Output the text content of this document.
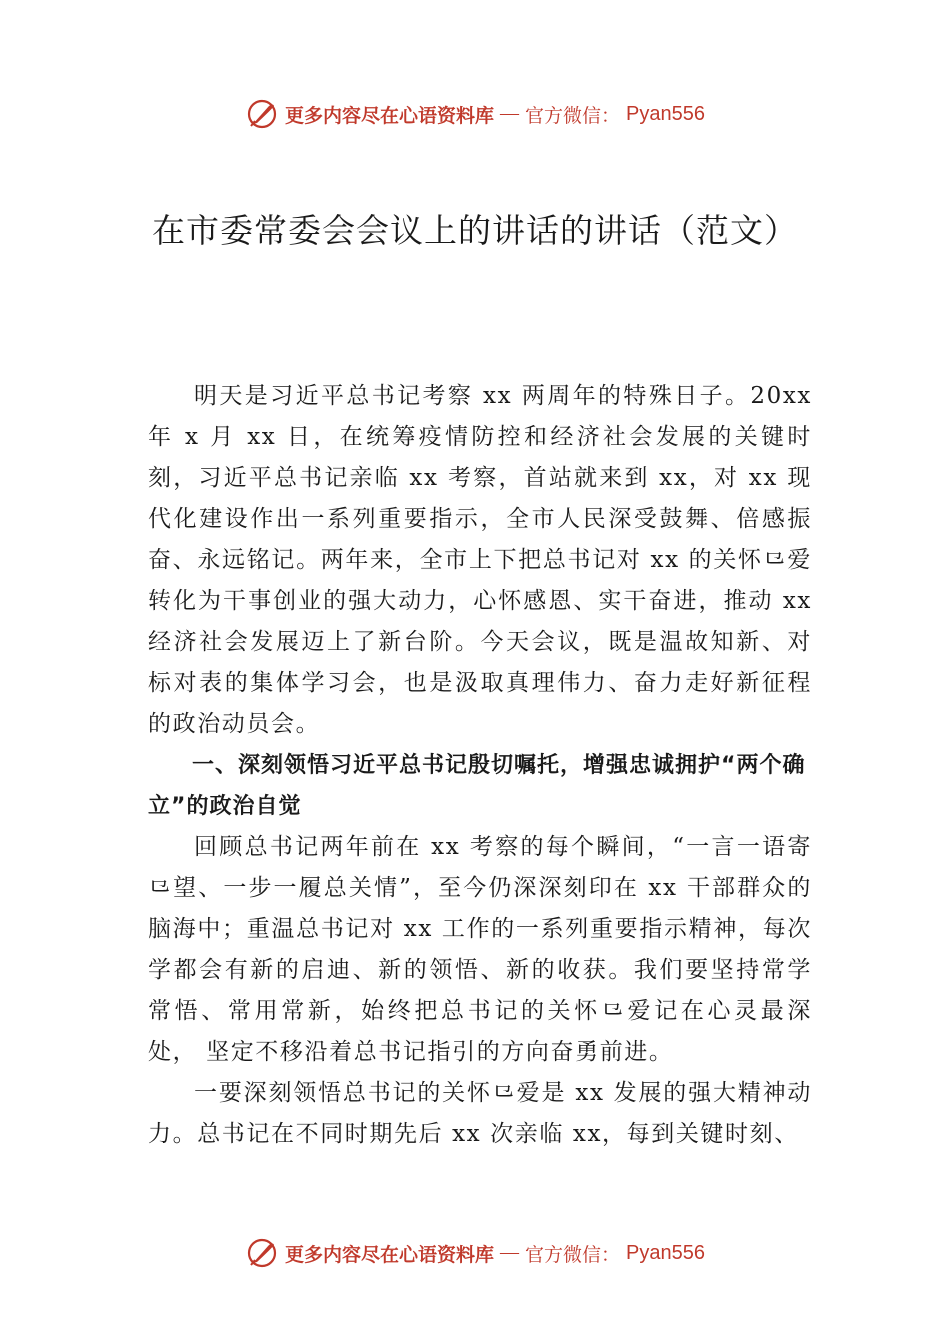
更多内容尽在心语资料库 — 官方微信： Pyan556
在市委常委会会议上的讲话的讲话（范文）

明天是习近平总书记考察 xx 两周年的特殊日子。20xx年 x 月 xx 日，在统筹疫情防控和经济社会发展的关键时刻，习近平总书记亲临 xx 考察，首站就来到 xx，对 xx 现代化建设作出一系列重要指示，全市人民深受鼓舞、倍感振奋、永远铭记。两年来，全市上下把总书记对 xx 的关怀⺋爱转化为干事创业的强大动力，心怀感恩、实干奋进，推动 xx 经济社会发展迈上了新台阶。今天会议，既是温故知新、对标对表的集体学习会，也是汲取真理伟力、奋力走好新征程的政治动员会。

一、深刻领悟习近平总书记殷切嘱托，增强忠诚拥护“两个确立”的政治自觉

回顾总书记两年前在 xx 考察的每个瞬间，“一言一语寄⺋望、一步一履总关情”，至今仍深深刻印在 xx 干部群众的脑海中；重温总书记对 xx 工作的一系列重要指示精神，每次学都会有新的启迪、新的领悟、新的收获。我们要坚持常学常悟、常用常新，始终把总书记的关怀⺋爱记在心灵最深处， 坚定不移沿着总书记指引的方向奋勇前进。

一要深刻领悟总书记的关怀⺋爱是 xx 发展的强大精神动力。总书记在不同时期先后 xx 次亲临 xx，每到关键时刻、

更多内容尽在心语资料库 — 官方微信： Pyan556
